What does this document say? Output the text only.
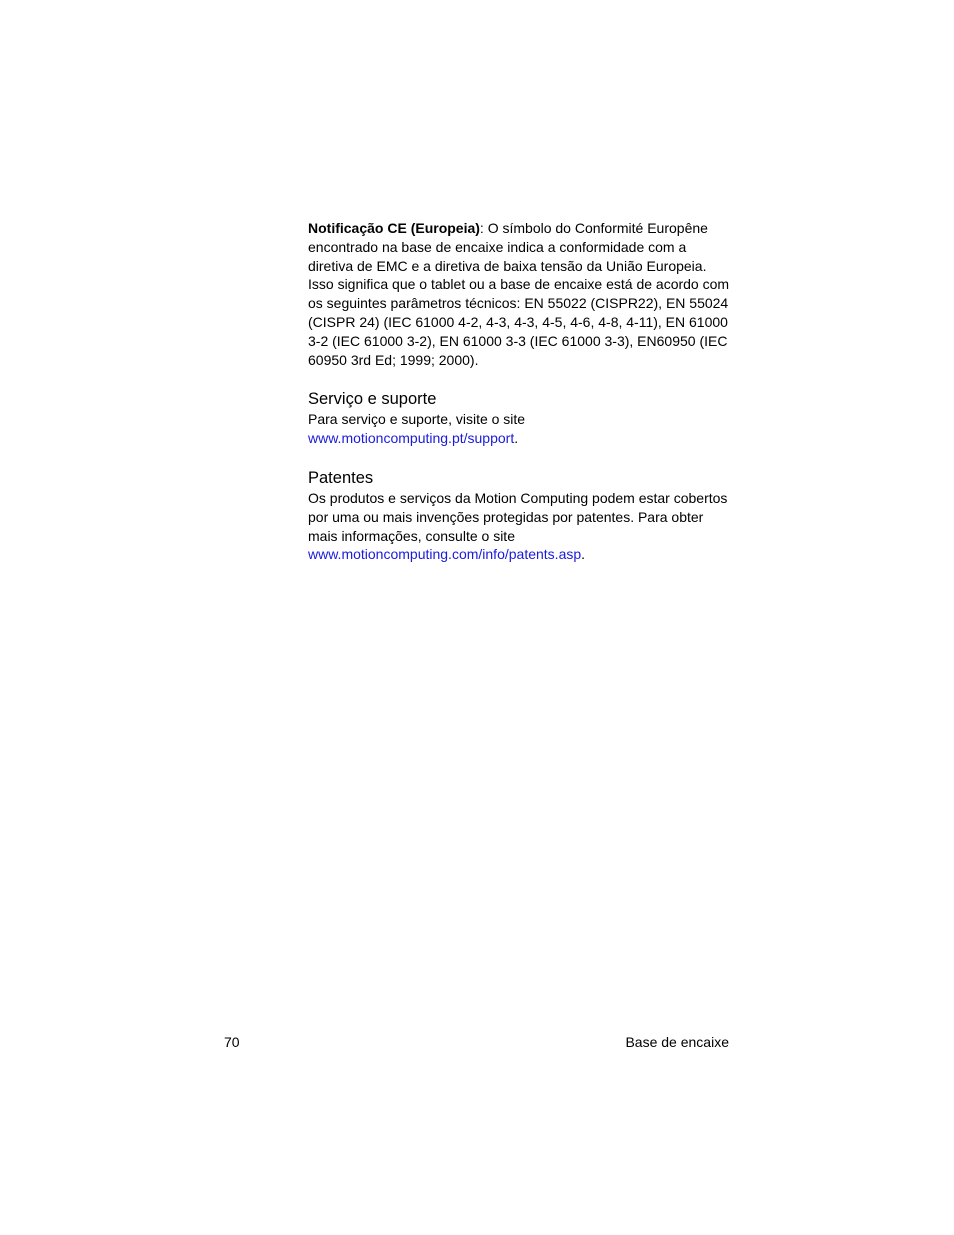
Notificação CE (Europeia): O símbolo do Conformité Europêne encontrado na base de encaixe indica a conformidade com a diretiva de EMC e a diretiva de baixa tensão da União Europeia. Isso significa que o tablet ou a base de encaixe está de acordo com os seguintes parâmetros técnicos: EN 55022 (CISPR22), EN 55024 (CISPR 24) (IEC 61000 4-2, 4-3, 4-3, 4-5, 4-6, 4-8, 4-11), EN 61000 3-2 (IEC 61000 3-2), EN 61000 3-3 (IEC 61000 3-3), EN60950 (IEC 60950 3rd Ed; 1999; 2000).

Serviço e suporte

Para serviço e suporte, visite o site
www.motioncomputing.pt/support.

Patentes

Os produtos e serviços da Motion Computing podem estar cobertos por uma ou mais invenções protegidas por patentes. Para obter mais informações, consulte o site
www.motioncomputing.com/info/patents.asp.

70	Base de encaixe
